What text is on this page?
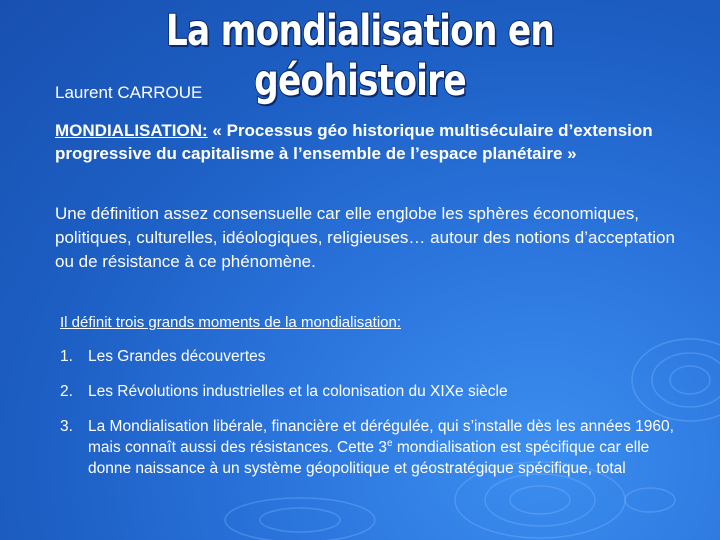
La mondialisation en géohistoire

Laurent CARROUE

MONDIALISATION: « Processus géo historique multiséculaire d’extension progressive du capitalisme à l’ensemble de l’espace planétaire »

Une définition assez consensuelle car elle englobe les sphères économiques, politiques, culturelles, idéologiques, religieuses… autour des notions d’acceptation ou de résistance à ce phénomène.

Il définit trois grands moments de la mondialisation:

1. Les Grandes découvertes
2. Les Révolutions industrielles et la colonisation du XIXe siècle
3. La Mondialisation libérale, financière et dérégulée, qui s’installe dès les années 1960, mais connaît aussi des résistances. Cette 3e mondialisation est spécifique car elle donne naissance à un système géopolitique et géostratégique spécifique, total
